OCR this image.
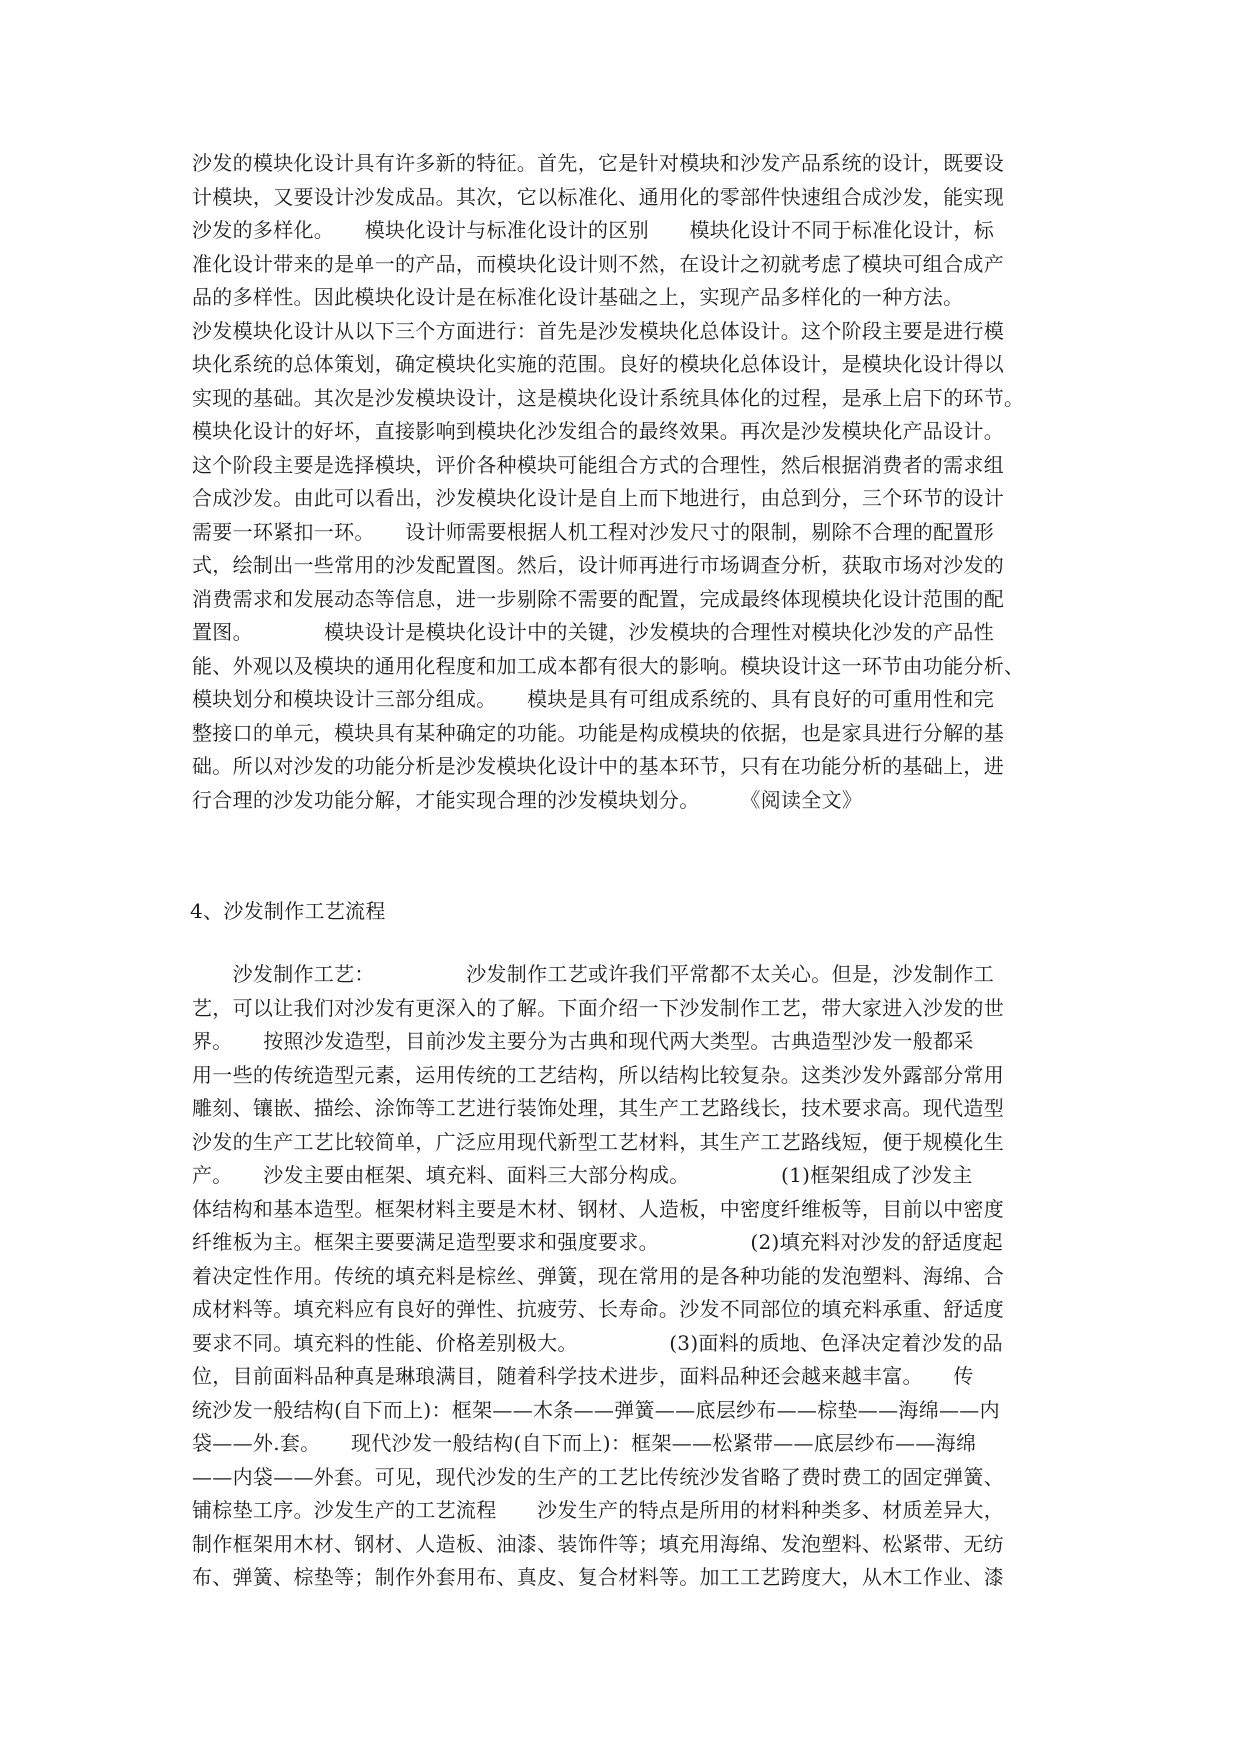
沙发的模块化设计具有许多新的特征。首先，它是针对模块和沙发产品系统的设计，既要设
计模块，又要设计沙发成品。其次，它以标准化、通用化的零部件快速组合成沙发，能实现
沙发的多样化。　　模块化设计与标准化设计的区别　　模块化设计不同于标准化设计，标
准化设计带来的是单一的产品，而模块化设计则不然，在设计之初就考虑了模块可组合成产
品的多样性。因此模块化设计是在标准化设计基础之上，实现产品多样化的一种方法。
沙发模块化设计从以下三个方面进行：首先是沙发模块化总体设计。这个阶段主要是进行模
块化系统的总体策划，确定模块化实施的范围。良好的模块化总体设计，是模块化设计得以
实现的基础。其次是沙发模块设计，这是模块化设计系统具体化的过程，是承上启下的环节。
模块化设计的好坏，直接影响到模块化沙发组合的最终效果。再次是沙发模块化产品设计。
这个阶段主要是选择模块，评价各种模块可能组合方式的合理性，然后根据消费者的需求组
合成沙发。由此可以看出，沙发模块化设计是自上而下地进行，由总到分，三个环节的设计
需要一环紧扣一环。　　设计师需要根据人机工程对沙发尺寸的限制，剔除不合理的配置形
式，绘制出一些常用的沙发配置图。然后，设计师再进行市场调查分析，获取市场对沙发的
消费需求和发展动态等信息，进一步剔除不需要的配置，完成最终体现模块化设计范围的配
置图。　　　　模块设计是模块化设计中的关键，沙发模块的合理性对模块化沙发的产品性
能、外观以及模块的通用化程度和加工成本都有很大的影响。模块设计这一环节由功能分析、
模块划分和模块设计三部分组成。　　模块是具有可组成系统的、具有良好的可重用性和完
整接口的单元，模块具有某种确定的功能。功能是构成模块的依据，也是家具进行分解的基
础。所以对沙发的功能分析是沙发模块化设计中的基本环节，只有在功能分析的基础上，进
行合理的沙发功能分解，才能实现合理的沙发模块划分。　　　《阅读全文》
4、沙发制作工艺流程
　　沙发制作工艺：　　　　　沙发制作工艺或许我们平常都不太关心。但是，沙发制作工
艺，可以让我们对沙发有更深入的了解。下面介绍一下沙发制作工艺，带大家进入沙发的世
界。　　按照沙发造型，目前沙发主要分为古典和现代两大类型。古典造型沙发一般都采
用一些的传统造型元素，运用传统的工艺结构，所以结构比较复杂。这类沙发外露部分常用
雕刻、镶嵌、描绘、涂饰等工艺进行装饰处理，其生产工艺路线长，技术要求高。现代造型
沙发的生产工艺比较简单，广泛应用现代新型工艺材料，其生产工艺路线短，便于规模化生
产。　　沙发主要由框架、填充料、面料三大部分构成。　　　　　(1)框架组成了沙发主
体结构和基本造型。框架材料主要是木材、钢材、人造板，中密度纤维板等，目前以中密度
纤维板为主。框架主要要满足造型要求和强度要求。　　　　　(2)填充料对沙发的舒适度起
着决定性作用。传统的填充料是棕丝、弹簧，现在常用的是各种功能的发泡塑料、海绵、合
成材料等。填充料应有良好的弹性、抗疲劳、长寿命。沙发不同部位的填充料承重、舒适度
要求不同。填充料的性能、价格差别极大。　　　　　(3)面料的质地、色泽决定着沙发的品
位，目前面料品种真是琳琅满目，随着科学技术进步，面料品种还会越来越丰富。　　传
统沙发一般结构(自下而上)：框架——木条——弹簧——底层纱布——棕垫——海绵——内
袋——外.套。　　现代沙发一般结构(自下而上)：框架——松紧带——底层纱布——海绵
——内袋——外套。可见，现代沙发的生产的工艺比传统沙发省略了费时费工的固定弹簧、
铺棕垫工序。沙发生产的工艺流程　　沙发生产的特点是所用的材料种类多、材质差异大，
制作框架用木材、钢材、人造板、油漆、装饰件等；填充用海绵、发泡塑料、松紧带、无纺
布、弹簧、棕垫等；制作外套用布、真皮、复合材料等。加工工艺跨度大，从木工作业、漆
